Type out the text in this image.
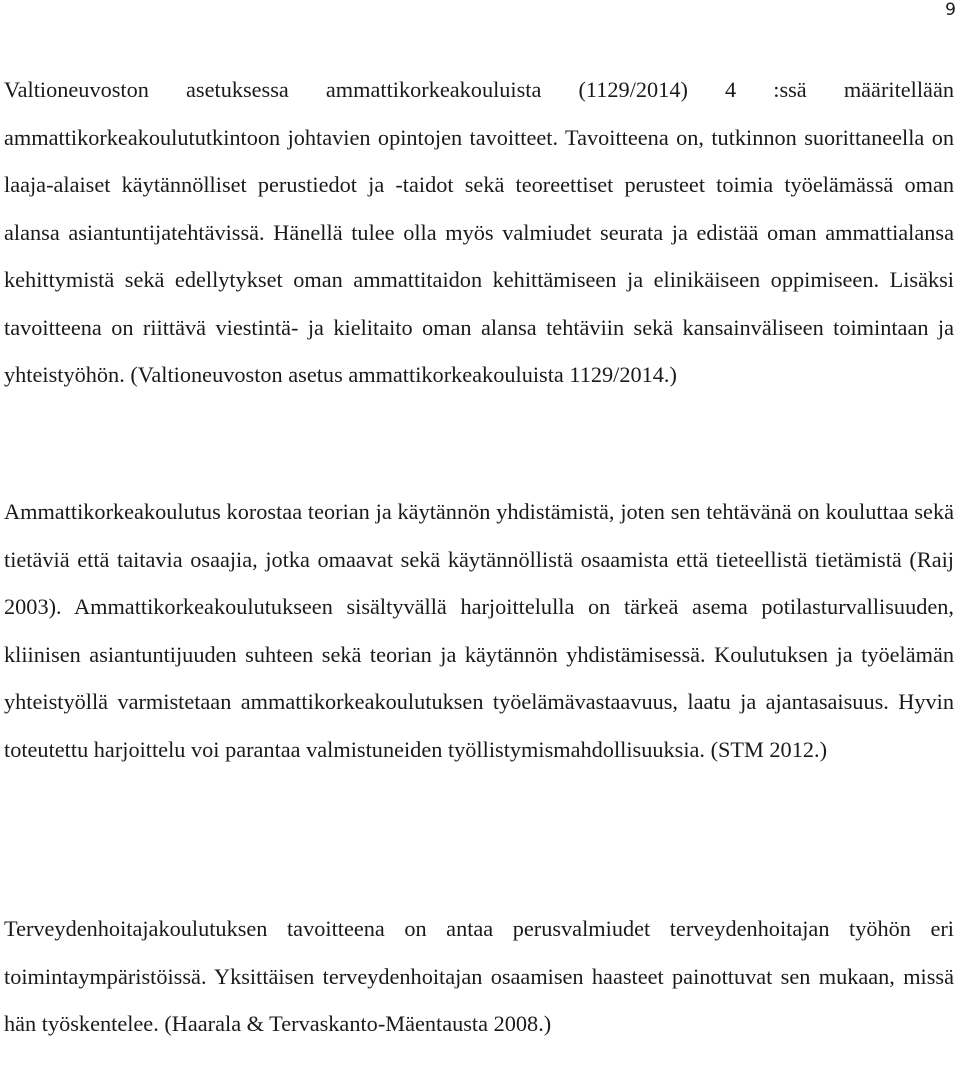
9

Valtioneuvoston asetuksessa ammattikorkeakouluista (1129/2014) 4 :ssä määritellään ammattikorkeakoulututkintoon johtavien opintojen tavoitteet. Tavoitteena on, tutkinnon suorittaneella on laaja-alaiset käytännölliset perustiedot ja -taidot sekä teoreettiset perusteet toimia työelämässä oman alansa asiantuntijatehtävissä. Hänellä tulee olla myös valmiudet seurata ja edistää oman ammattialansa kehittymistä sekä edellytykset oman ammattitaidon kehittämiseen ja elinikäiseen oppimiseen. Lisäksi tavoitteena on riittävä viestintä- ja kielitaito oman alansa tehtäviin sekä kansainväliseen toimintaan ja yhteistyöhön. (Valtioneuvoston asetus ammattikorkeakouluista 1129/2014.)

Ammattikorkeakoulutus korostaa teorian ja käytännön yhdistämistä, joten sen tehtävänä on kouluttaa sekä tietäviä että taitavia osaajia, jotka omaavat sekä käytännöllistä osaamista että tieteellistä tietämistä (Raij 2003). Ammattikorkeakoulutukseen sisältyvällä harjoittelulla on tärkeä asema potilasturvallisuuden, kliinisen asiantuntijuuden suhteen sekä teorian ja käytännön yhdistämisessä. Koulutuksen ja työelämän yhteistyöllä varmistetaan ammattikorkeakoulutuksen työelämävastaavuus, laatu ja ajantasaisuus. Hyvin toteutettu harjoittelu voi parantaa valmistuneiden työllistymismahdollisuuksia. (STM 2012.)

Terveydenhoitajakoulutuksen tavoitteena on antaa perusvalmiudet terveydenhoitajan työhön eri toimintaympäristöissä. Yksittäisen terveydenhoitajan osaamisen haasteet painottuvat sen mukaan, missä hän työskentelee. (Haarala & Tervaskanto-Mäentausta 2008.)
